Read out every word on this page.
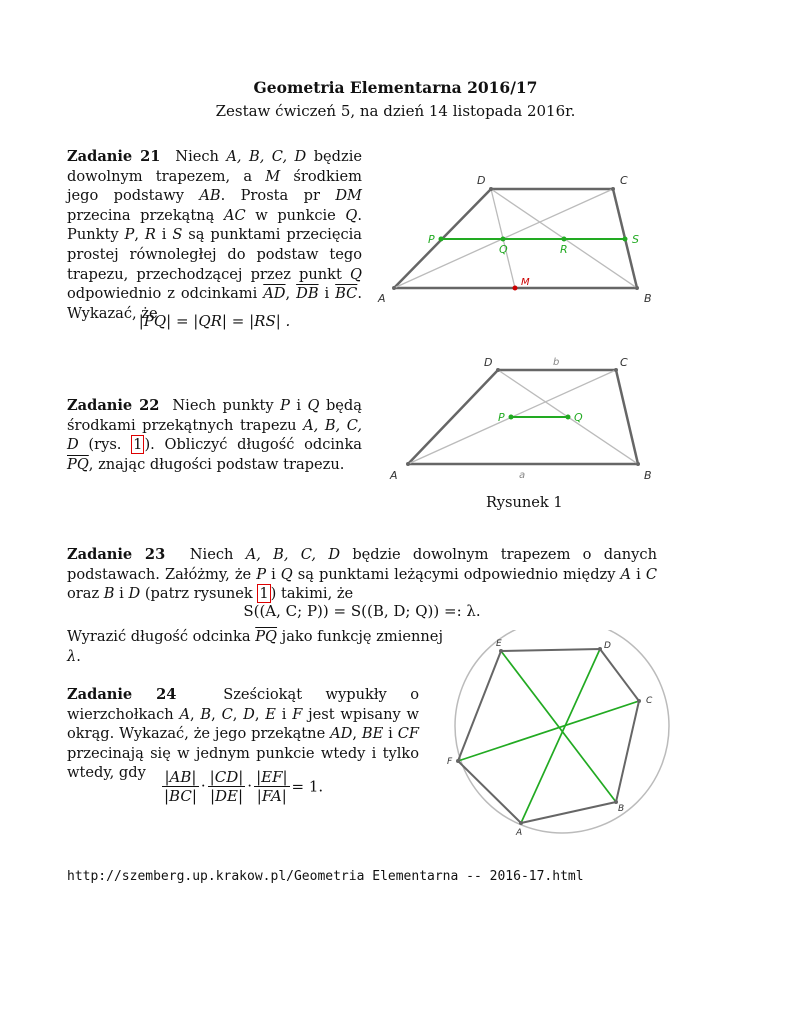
Geometria Elementarna 2016/17
Zestaw ćwiczeń 5, na dzień 14 listopada 2016r.
Zadanie 21 Niech A, B, C, D będzie dowolnym trapezem, a M środkiem jego podstawy AB. Prosta pr DM przecina przekątną AC w punkcie Q. Punkty P, R i S są punktami przecięcia prostej równoległej do podstaw tego trapezu, przechodzącej przez punkt Q odpowiednio z odcinkami $\overline{AD}$, $\overline{DB}$ i $\overline{BC}$. Wykazać, że
|PQ| = |QR| = |RS| .
A	B
C
D
P
Q	R
S
M
Zadanie 22 Niech punkty P i Q będą środkami przekątnych trapezu A, B, C, D (rys. 1 ). Obliczyć długość odcinka $\overline{PQ}$, znając długości podstaw trapezu.
A	B
C
D
P	Q
a
b
Rysunek 1
Zadanie 23 Niech A, B, C, D będzie dowolnym trapezem o danych podstawach. Załóżmy, że P i Q są punktami leżącymi odpowiednio między A i C oraz B i D (patrz rysunek 1 ) takimi, że
S((A, C; P)) = S((B, D; Q)) =: λ.
Wyrazić długość odcinka $\overline{PQ}$ jako funkcję zmiennej λ.
Zadanie 24	Sześciokąt wypukły o wierzchołkach A, B, C, D, E i F jest wpisany w okrąg. Wykazać, że jego przekątne AD, BE i CF przecinają się w jednym punkcie wtedy i tylko wtedy, gdy	$\frac{|AB|}{|BC|} \cdot \frac{|CD|}{|DE|} \cdot \frac{|EF|}{|FA|} = 1$.
A
B
C
D
E
F
http://szemberg.up.krakow.pl/Geometria Elementarna -- 2016-17.html
